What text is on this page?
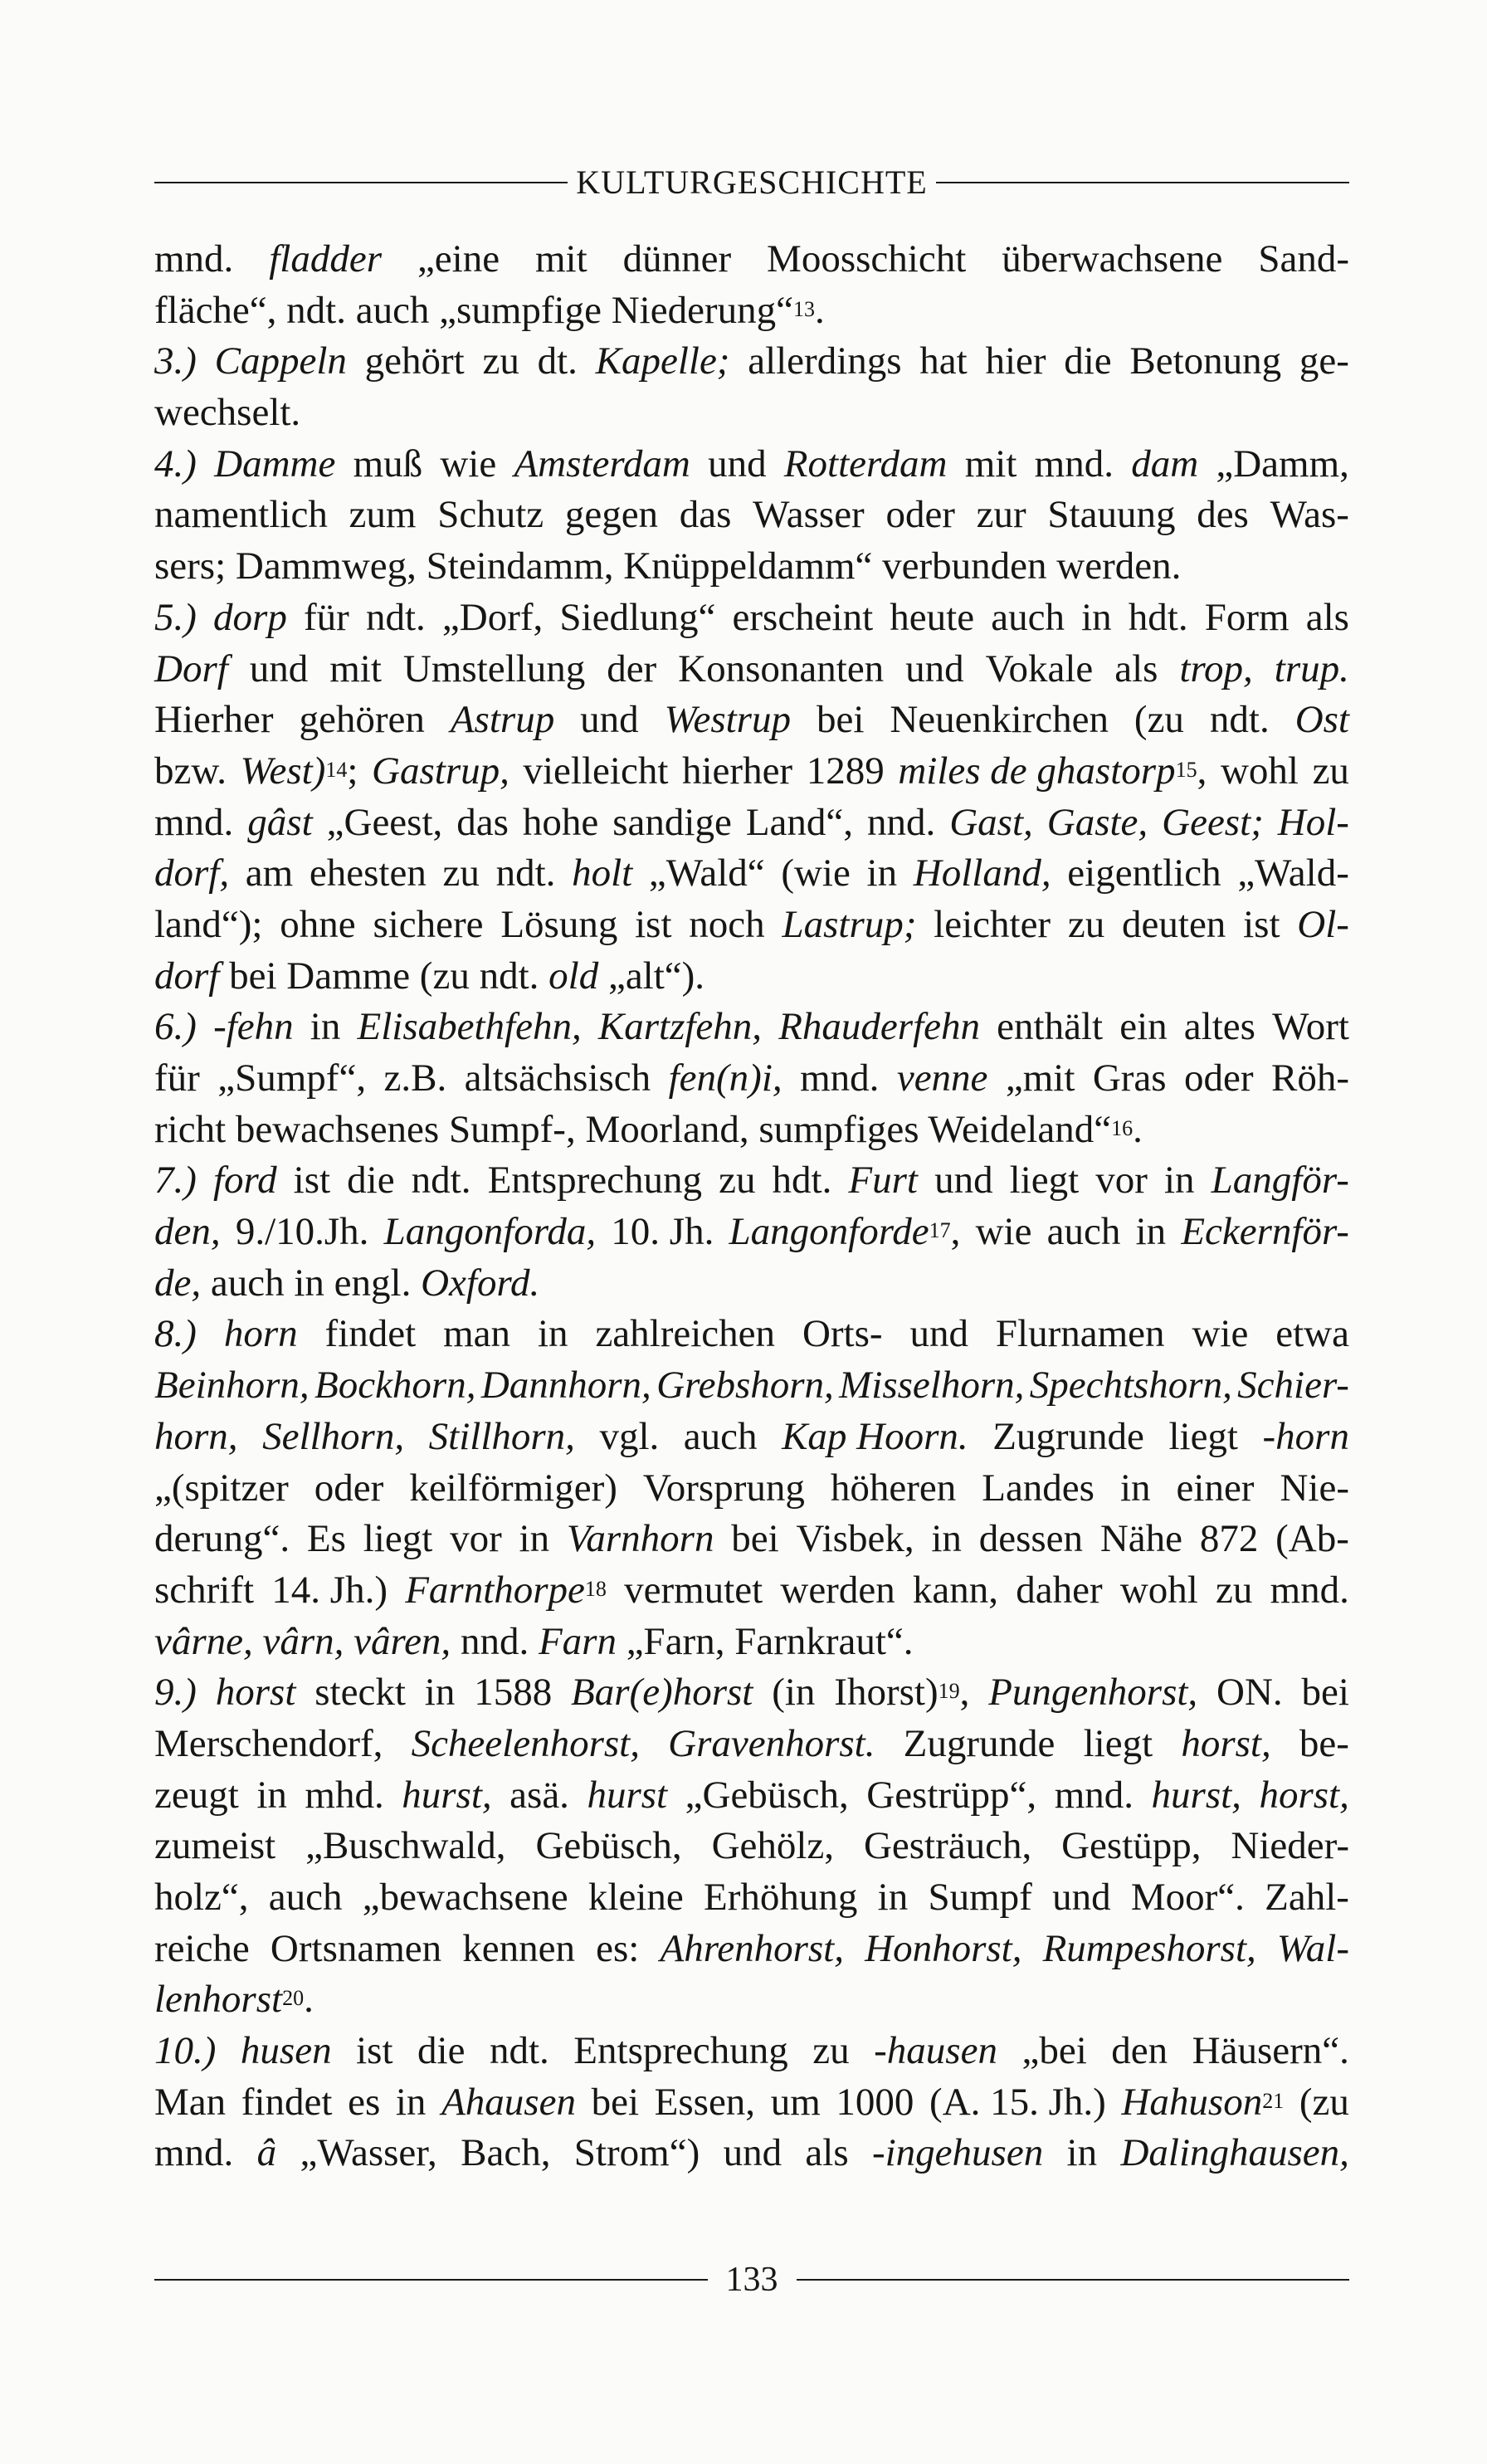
KULTURGESCHICHTE
mnd. fladder „eine mit dünner Moosschicht überwachsene Sand-
fläche“, ndt. auch „sumpfige Niederung“$^{13}$.
3.) Cappeln gehört zu dt. Kapelle; allerdings hat hier die Betonung ge-
wechselt.
4.) Damme muß wie Amsterdam und Rotterdam mit mnd. dam „Damm,
namentlich zum Schutz gegen das Wasser oder zur Stauung des Was-
sers; Dammweg, Steindamm, Knüppeldamm“ verbunden werden.
5.) dorp für ndt. „Dorf, Siedlung“ erscheint heute auch in hdt. Form als
Dorf und mit Umstellung der Konsonanten und Vokale als trop, trup.
Hierher gehören Astrup und Westrup bei Neuenkirchen (zu ndt. Ost
bzw. West)$^{14}$; Gastrup, vielleicht hierher 1289 miles de ghastorp$^{15}$, wohl zu
mnd. gâst „Geest, das hohe sandige Land“, nnd. Gast, Gaste, Geest; Hol-
dorf, am ehesten zu ndt. holt „Wald“ (wie in Holland, eigentlich „Wald-
land“); ohne sichere Lösung ist noch Lastrup; leichter zu deuten ist Ol-
dorf bei Damme (zu ndt. old „alt“).
6.) -fehn in Elisabethfehn, Kartzfehn, Rhauderfehn enthält ein altes Wort
für „Sumpf“, z.B. altsächsisch fen(n)i, mnd. venne „mit Gras oder Röh-
richt bewachsenes Sumpf-, Moorland, sumpfiges Weideland“$^{16}$.
7.) ford ist die ndt. Entsprechung zu hdt. Furt und liegt vor in Langför-
den, 9./10.Jh. Langonforda, 10. Jh. Langonforde$^{17}$, wie auch in Eckernför-
de, auch in engl. Oxford.
8.) horn findet man in zahlreichen Orts- und Flurnamen wie etwa
Beinhorn, Bockhorn, Dannhorn, Grebshorn, Misselhorn, Spechtshorn, Schier-
horn, Sellhorn, Stillhorn, vgl. auch Kap Hoorn. Zugrunde liegt -horn
„(spitzer oder keilförmiger) Vorsprung höheren Landes in einer Nie-
derung“. Es liegt vor in Varnhorn bei Visbek, in dessen Nähe 872 (Ab-
schrift 14. Jh.) Farnthorpe$^{18}$ vermutet werden kann, daher wohl zu mnd.
vârne, vârn, vâren, nnd. Farn „Farn, Farnkraut“.
9.) horst steckt in 1588 Bar(e)horst (in Ihorst)$^{19}$, Pungenhorst, ON. bei
Merschendorf, Scheelenhorst, Gravenhorst. Zugrunde liegt horst, be-
zeugt in mhd. hurst, asä. hurst „Gebüsch, Gestrüpp“, mnd. hurst, horst,
zumeist „Buschwald, Gebüsch, Gehölz, Gesträuch, Gestüpp, Nieder-
holz“, auch „bewachsene kleine Erhöhung in Sumpf und Moor“. Zahl-
reiche Ortsnamen kennen es: Ahrenhorst, Honhorst, Rumpeshorst, Wal-
lenhorst$^{20}$.
10.) husen ist die ndt. Entsprechung zu -hausen „bei den Häusern“.
Man findet es in Ahausen bei Essen, um 1000 (A. 15. Jh.) Hahuson$^{21}$ (zu
mnd. â „Wasser, Bach, Strom“) und als -ingehusen in Dalinghausen,
133
